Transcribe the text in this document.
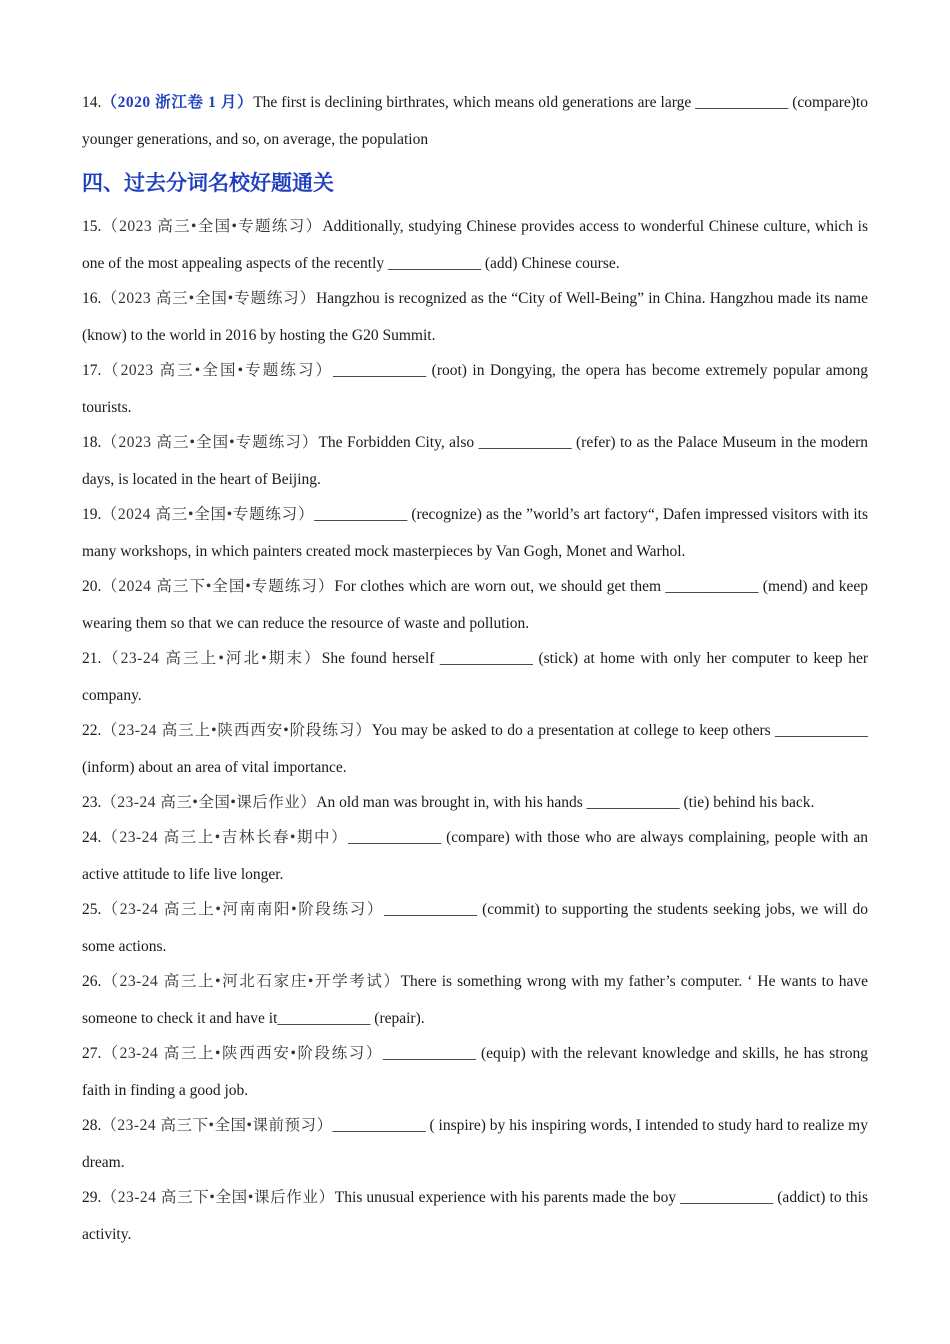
14.（2020 浙江卷 1 月）The first is declining birthrates, which means old generations are large ____________ (compare)to younger generations, and so, on average, the population

四、过去分词名校好题通关

15.（2023 高三•全国•专题练习）Additionally, studying Chinese provides access to wonderful Chinese culture, which is one of the most appealing aspects of the recently ____________ (add) Chinese course.

16.（2023 高三•全国•专题练习）Hangzhou is recognized as the “City of Well-Being” in China. Hangzhou made its name (know) to the world in 2016 by hosting the G20 Summit.

17.（2023 高三•全国•专题练习）____________ (root) in Dongying, the opera has become extremely popular among tourists.

18.（2023 高三•全国•专题练习）The Forbidden City, also ____________ (refer) to as the Palace Museum in the modern days, is located in the heart of Beijing.

19.（2024 高三•全国•专题练习）____________ (recognize) as the ”world’s art factory“, Dafen impressed visitors with its many workshops, in which painters created mock masterpieces by Van Gogh, Monet and Warhol.

20.（2024 高三下•全国•专题练习）For clothes which are worn out, we should get them ____________ (mend) and keep wearing them so that we can reduce the resource of waste and pollution.

21.（23-24 高三上•河北•期末）She found herself ____________ (stick) at home with only her computer to keep her company.

22.（23-24 高三上•陕西西安•阶段练习）You may be asked to do a presentation at college to keep others ____________ (inform) about an area of vital importance.

23.（23-24 高三•全国•课后作业）An old man was brought in, with his hands ____________ (tie) behind his back.

24.（23-24 高三上•吉林长春•期中）____________ (compare) with those who are always complaining, people with an active attitude to life live longer.

25.（23-24 高三上•河南南阳•阶段练习）____________ (commit) to supporting the students seeking jobs, we will do some actions.

26.（23-24 高三上•河北石家庄•开学考试）There is something wrong with my father’s computer. ‘ He wants to have someone to check it and have it____________ (repair).

27.（23-24 高三上•陕西西安•阶段练习）____________ (equip) with the relevant knowledge and skills, he has strong faith in finding a good job.

28.（23-24 高三下•全国•课前预习）____________ ( inspire) by his inspiring words, I intended to study hard to realize my dream.

29.（23-24 高三下•全国•课后作业）This unusual experience with his parents made the boy ____________ (addict) to this activity.
